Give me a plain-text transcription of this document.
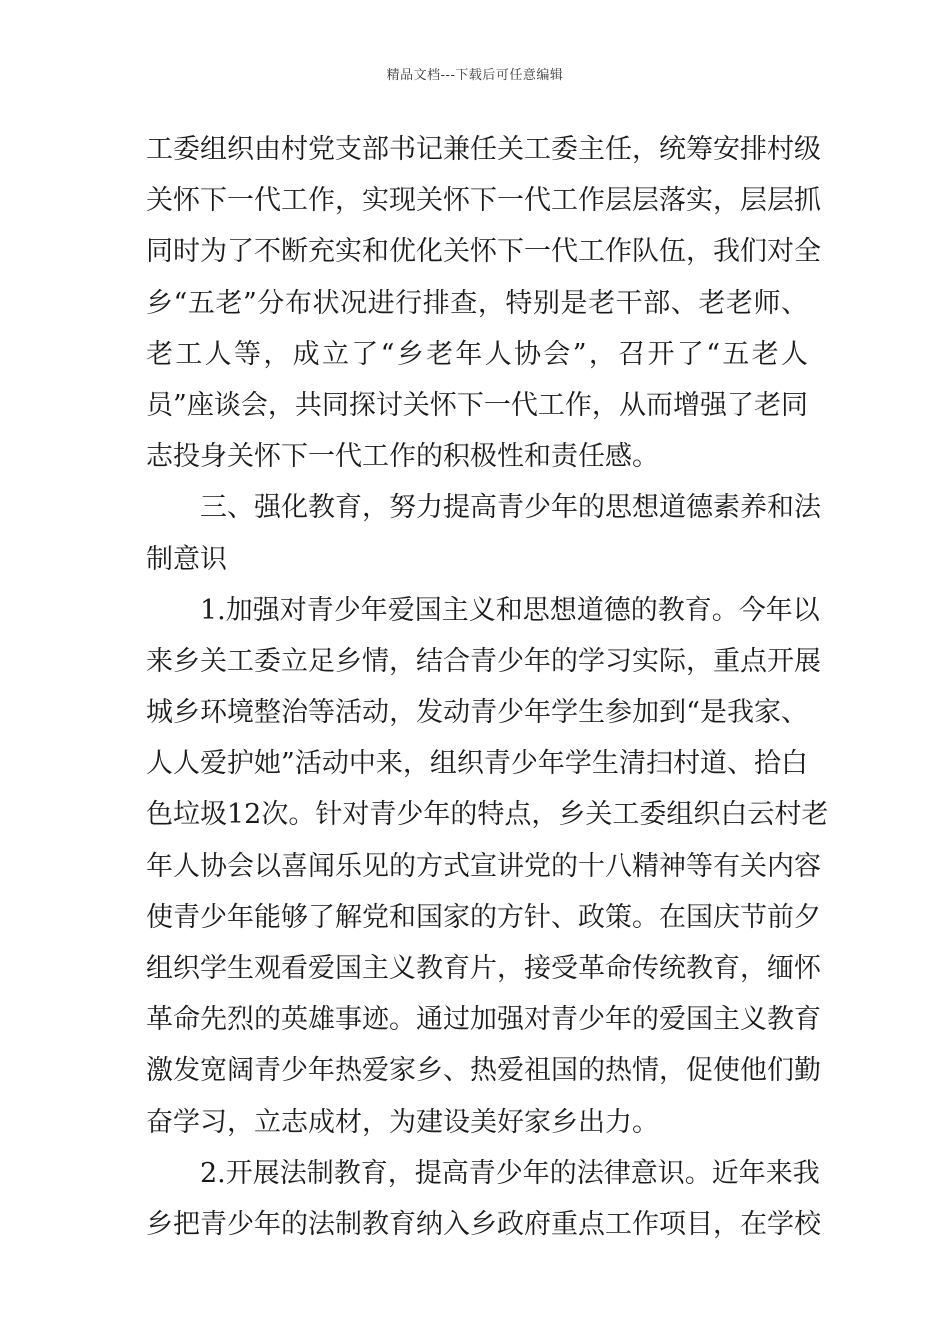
精品文档---下载后可任意编辑
工委组织由村党支部书记兼任关工委主任，统筹安排村级
关怀下一代工作，实现关怀下一代工作层层落实，层层抓
同时为了不断充实和优化关怀下一代工作队伍，我们对全
乡“五老”分布状况进行排查，特别是老干部、老老师、
老工人等，成立了“乡老年人协会”，召开了“五老人
员”座谈会，共同探讨关怀下一代工作，从而增强了老同
志投身关怀下一代工作的积极性和责任感。
三、强化教育，努力提高青少年的思想道德素养和法
制意识
1.加强对青少年爱国主义和思想道德的教育。今年以
来乡关工委立足乡情，结合青少年的学习实际，重点开展
城乡环境整治等活动，发动青少年学生参加到“是我家、
人人爱护她”活动中来，组织青少年学生清扫村道、拾白
色垃圾12次。针对青少年的特点，乡关工委组织白云村老
年人协会以喜闻乐见的方式宣讲党的十八精神等有关内容
使青少年能够了解党和国家的方针、政策。在国庆节前夕
组织学生观看爱国主义教育片，接受革命传统教育，缅怀
革命先烈的英雄事迹。通过加强对青少年的爱国主义教育
激发宽阔青少年热爱家乡、热爱祖国的热情，促使他们勤
奋学习，立志成材，为建设美好家乡出力。
2.开展法制教育，提高青少年的法律意识。近年来我
乡把青少年的法制教育纳入乡政府重点工作项目，在学校
